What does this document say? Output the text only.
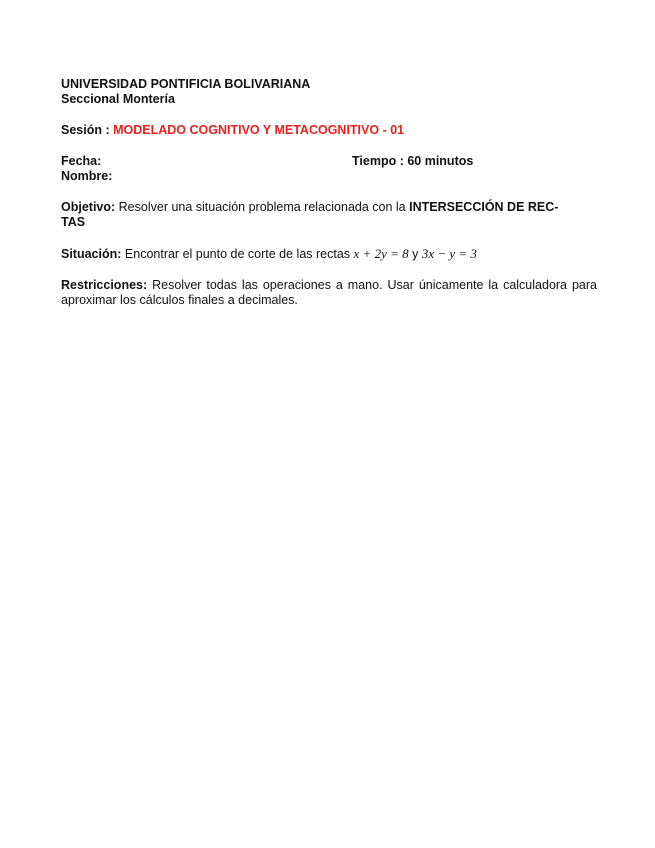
UNIVERSIDAD PONTIFICIA BOLIVARIANA
Seccional Montería
Sesión : MODELADO COGNITIVO Y METACOGNITIVO - 01
Fecha:	Tiempo : 60 minutos
Nombre:
Objetivo: Resolver una situación problema relacionada con la INTERSECCIÓN DE REC-
TAS
Situación: Encontrar el punto de corte de las rectas x + 2y = 8 y 3x − y = 3
Restricciones: Resolver todas las operaciones a mano. Usar únicamente la calculadora para aproximar los cálculos finales a decimales.
